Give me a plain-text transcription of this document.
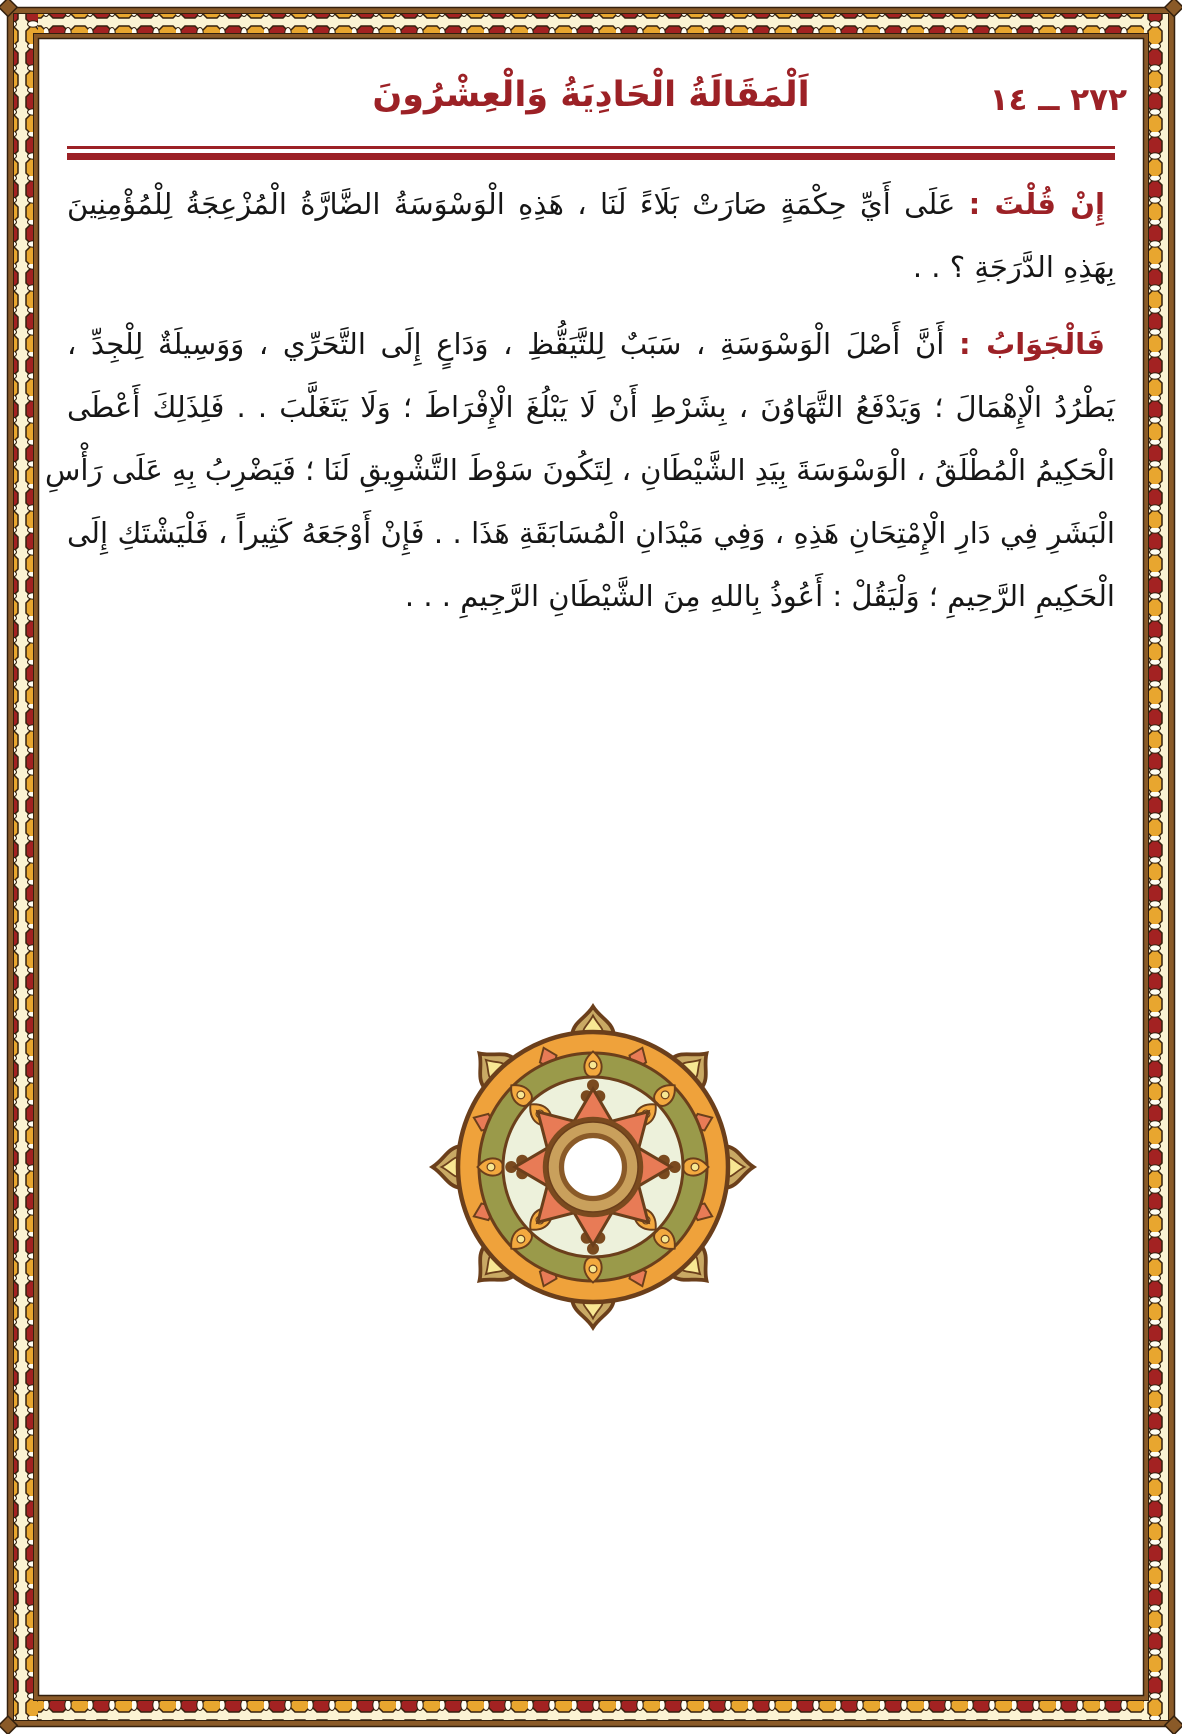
اَلْمَقَالَةُ الْحَادِيَةُ وَالْعِشْرُونَ	٢٧٢ ــ ١٤
إِنْ قُلْتَ : عَلَى أَيِّ حِكْمَةٍ صَارَتْ بَلَاءً لَنَا ، هَذِهِ الْوَسْوَسَةُ الضَّارَّةُ الْمُزْعِجَةُ لِلْمُؤْمِنِينَ
بِهَذِهِ الدَّرَجَةِ ؟ . .
فَالْجَوَابُ : أَنَّ أَصْلَ الْوَسْوَسَةِ ، سَبَبٌ لِلتَّيَقُّظِ ، وَدَاعٍ إِلَى التَّحَرِّي ، وَوَسِيلَةٌ لِلْجِدِّ ،
يَطْرُدُ الْإِهْمَالَ ؛ وَيَدْفَعُ التَّهَاوُنَ ، بِشَرْطِ أَنْ لَا يَبْلُغَ الْإِفْرَاطَ ؛ وَلَا يَتَغَلَّبَ . . فَلِذَلِكَ أَعْطَى
الْحَكِيمُ الْمُطْلَقُ ، الْوَسْوَسَةَ بِيَدِ الشَّيْطَانِ ، لِتَكُونَ سَوْطَ التَّشْوِيقِ لَنَا ؛ فَيَضْرِبُ بِهِ عَلَى رَأْسِ
الْبَشَرِ فِي دَارِ الْإِمْتِحَانِ هَذِهِ ، وَفِي مَيْدَانِ الْمُسَابَقَةِ هَذَا . . فَإِنْ أَوْجَعَهُ كَثِيراً ، فَلْيَشْتَكِ إِلَى
الْحَكِيمِ الرَّحِيمِ ؛ وَلْيَقُلْ : أَعُوذُ بِاللهِ مِنَ الشَّيْطَانِ الرَّجِيمِ . . .
